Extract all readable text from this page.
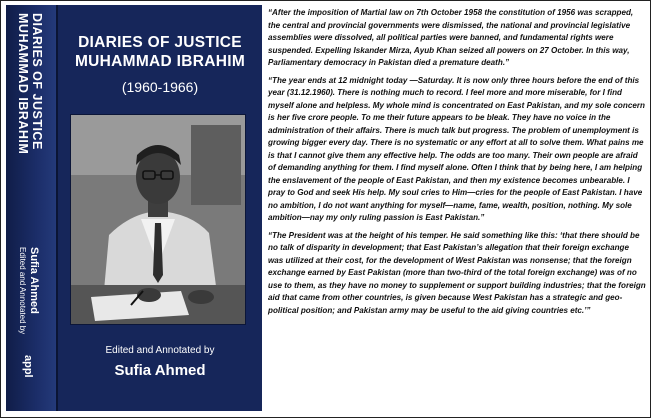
DIARIES OF JUSTICE
MUHAMMAD IBRAHIM
Edited and Annotated by Sufia Ahmed
appl
DIARIES OF JUSTICE
MUHAMMAD IBRAHIM
(1960-1966)
Edited and Annotated by
Sufia Ahmed

“After the imposition of Martial law on 7th October 1958 the constitution of 1956 was scrapped, the central and provincial governments were dismissed, the national and provincial legislative assemblies were dissolved, all political parties were banned, and fundamental rights were suspended. Expelling Iskander Mirza, Ayub Khan seized all powers on 27 October. In this way, Parliamentary democracy in Pakistan died a premature death.”

“The year ends at 12 midnight today —Saturday. It is now only three hours before the end of this year (31.12.1960). There is nothing much to record. I feel more and more miserable, for I find myself alone and helpless. My whole mind is concentrated on East Pakistan, and my sole concern is her five crore people. To me their future appears to be bleak. They have no voice in the administration of their affairs. There is much talk but progress. The problem of unemployment is growing bigger every day. There is no systematic or any effort at all to solve them. What pains me is that I cannot give them any effective help. The odds are too many. Their own people are afraid of demanding anything for them. I find myself alone. Often I think that by being here, I am helping the enslavement of the people of East Pakistan, and then my existence becomes unbearable. I pray to God and seek His help. My soul cries to Him—cries for the people of East Pakistan. I have no ambition, I do not want anything for myself—name, fame, wealth, position, nothing. My sole ambition—nay my only ruling passion is East Pakistan.”

“The President was at the height of his temper. He said something like this: ‘that there should be no talk of disparity in development; that East Pakistan’s allegation that their foreign exchange was utilized at their cost, for the development of West Pakistan was nonsense; that the foreign exchange earned by East Pakistan (more than two-third of the total foreign exchange) was of no use to them, as they have no money to supplement or support building industries; that the foreign aid that came from other countries, is given because West Pakistan has a strategic and geo-political position; and Pakistan army may be useful to the aid giving countries etc.’”
